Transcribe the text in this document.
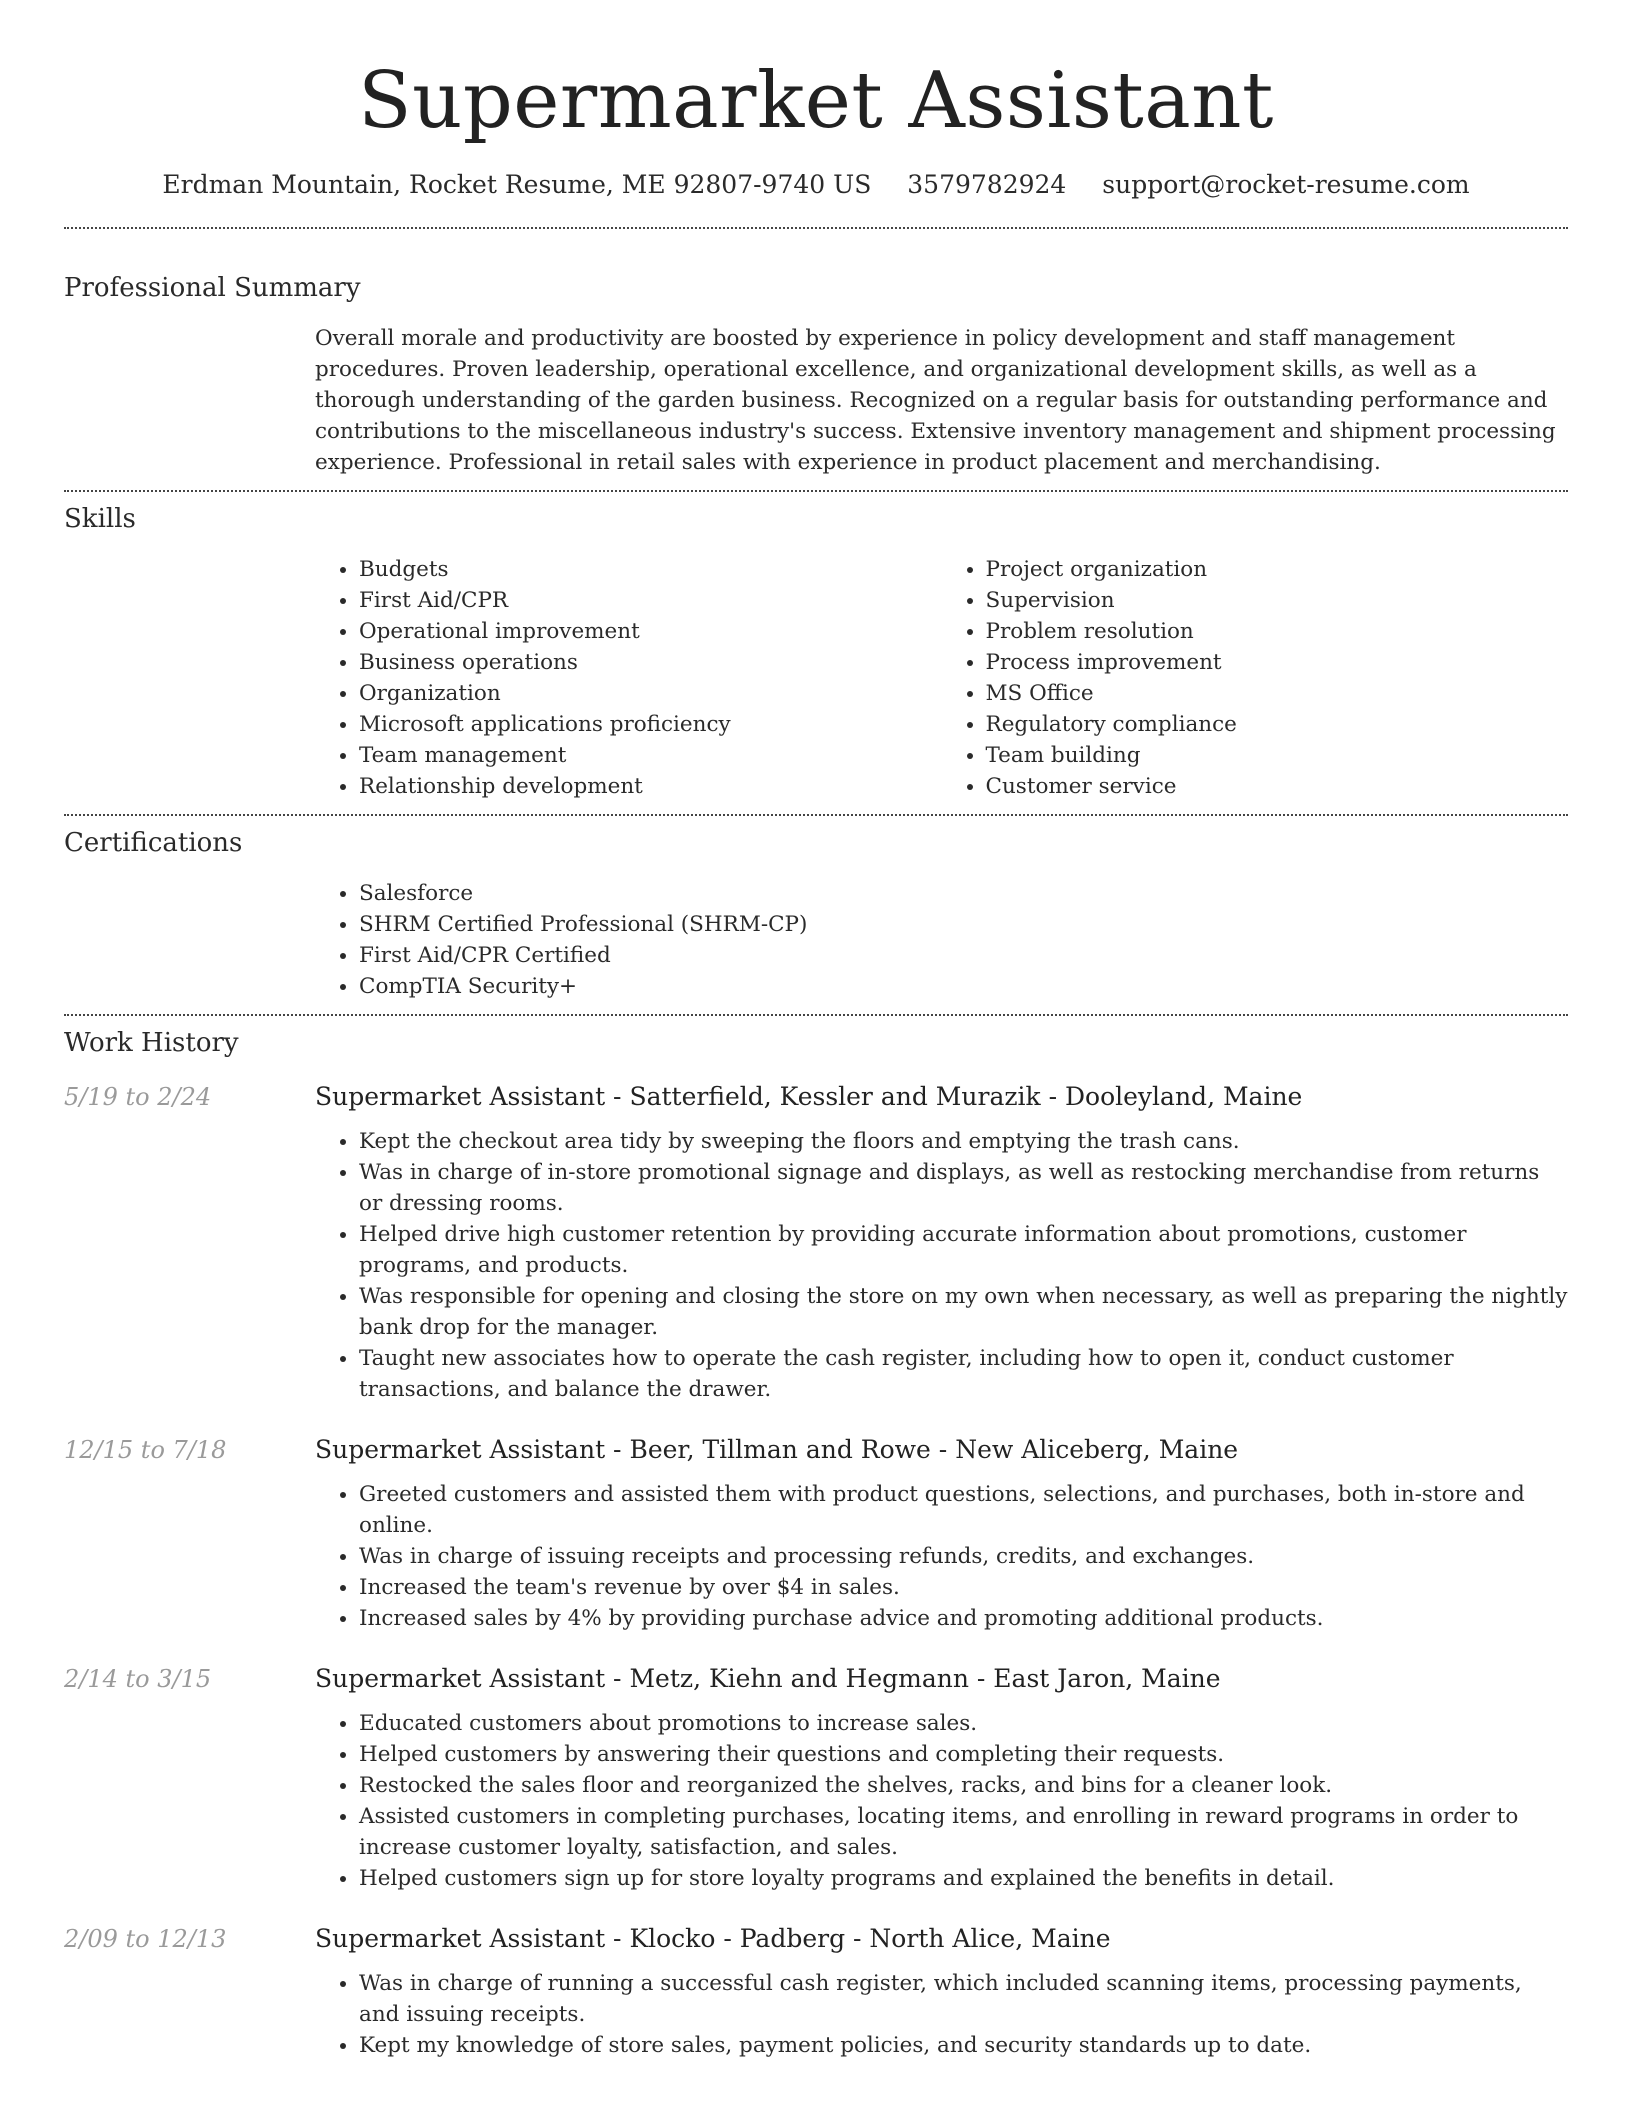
Supermarket Assistant
Erdman Mountain, Rocket Resume, ME 92807-9740 US 3579782924 support@rocket-resume.com
Professional Summary

Overall morale and productivity are boosted by experience in policy development and staff management procedures. Proven leadership, operational excellence, and organizational development skills, as well as a thorough understanding of the garden business. Recognized on a regular basis for outstanding performance and contributions to the miscellaneous industry's success. Extensive inventory management and shipment processing experience. Professional in retail sales with experience in product placement and merchandising.

Skills
• Budgets
• First Aid/CPR
• Operational improvement
• Business operations
• Organization
• Microsoft applications proficiency
• Team management
• Relationship development
• Project organization
• Supervision
• Problem resolution
• Process improvement
• MS Office
• Regulatory compliance
• Team building
• Customer service
Certifications
• Salesforce
• SHRM Certified Professional (SHRM-CP)
• First Aid/CPR Certified
• CompTIA Security+
Work History
5/19 to 2/24	Supermarket Assistant - Satterfield, Kessler and Murazik - Dooleyland, Maine
• Kept the checkout area tidy by sweeping the floors and emptying the trash cans.
• Was in charge of in-store promotional signage and displays, as well as restocking merchandise from returns or dressing rooms.
• Helped drive high customer retention by providing accurate information about promotions, customer programs, and products.
• Was responsible for opening and closing the store on my own when necessary, as well as preparing the nightly bank drop for the manager.
• Taught new associates how to operate the cash register, including how to open it, conduct customer transactions, and balance the drawer.
12/15 to 7/18	Supermarket Assistant - Beer, Tillman and Rowe - New Aliceberg, Maine
• Greeted customers and assisted them with product questions, selections, and purchases, both in-store and online.
• Was in charge of issuing receipts and processing refunds, credits, and exchanges.
• Increased the team's revenue by over $4 in sales.
• Increased sales by 4% by providing purchase advice and promoting additional products.
2/14 to 3/15	Supermarket Assistant - Metz, Kiehn and Hegmann - East Jaron, Maine
• Educated customers about promotions to increase sales.
• Helped customers by answering their questions and completing their requests.
• Restocked the sales floor and reorganized the shelves, racks, and bins for a cleaner look.
• Assisted customers in completing purchases, locating items, and enrolling in reward programs in order to increase customer loyalty, satisfaction, and sales.
• Helped customers sign up for store loyalty programs and explained the benefits in detail.
2/09 to 12/13	Supermarket Assistant - Klocko - Padberg - North Alice, Maine
• Was in charge of running a successful cash register, which included scanning items, processing payments, and issuing receipts.
• Kept my knowledge of store sales, payment policies, and security standards up to date.
